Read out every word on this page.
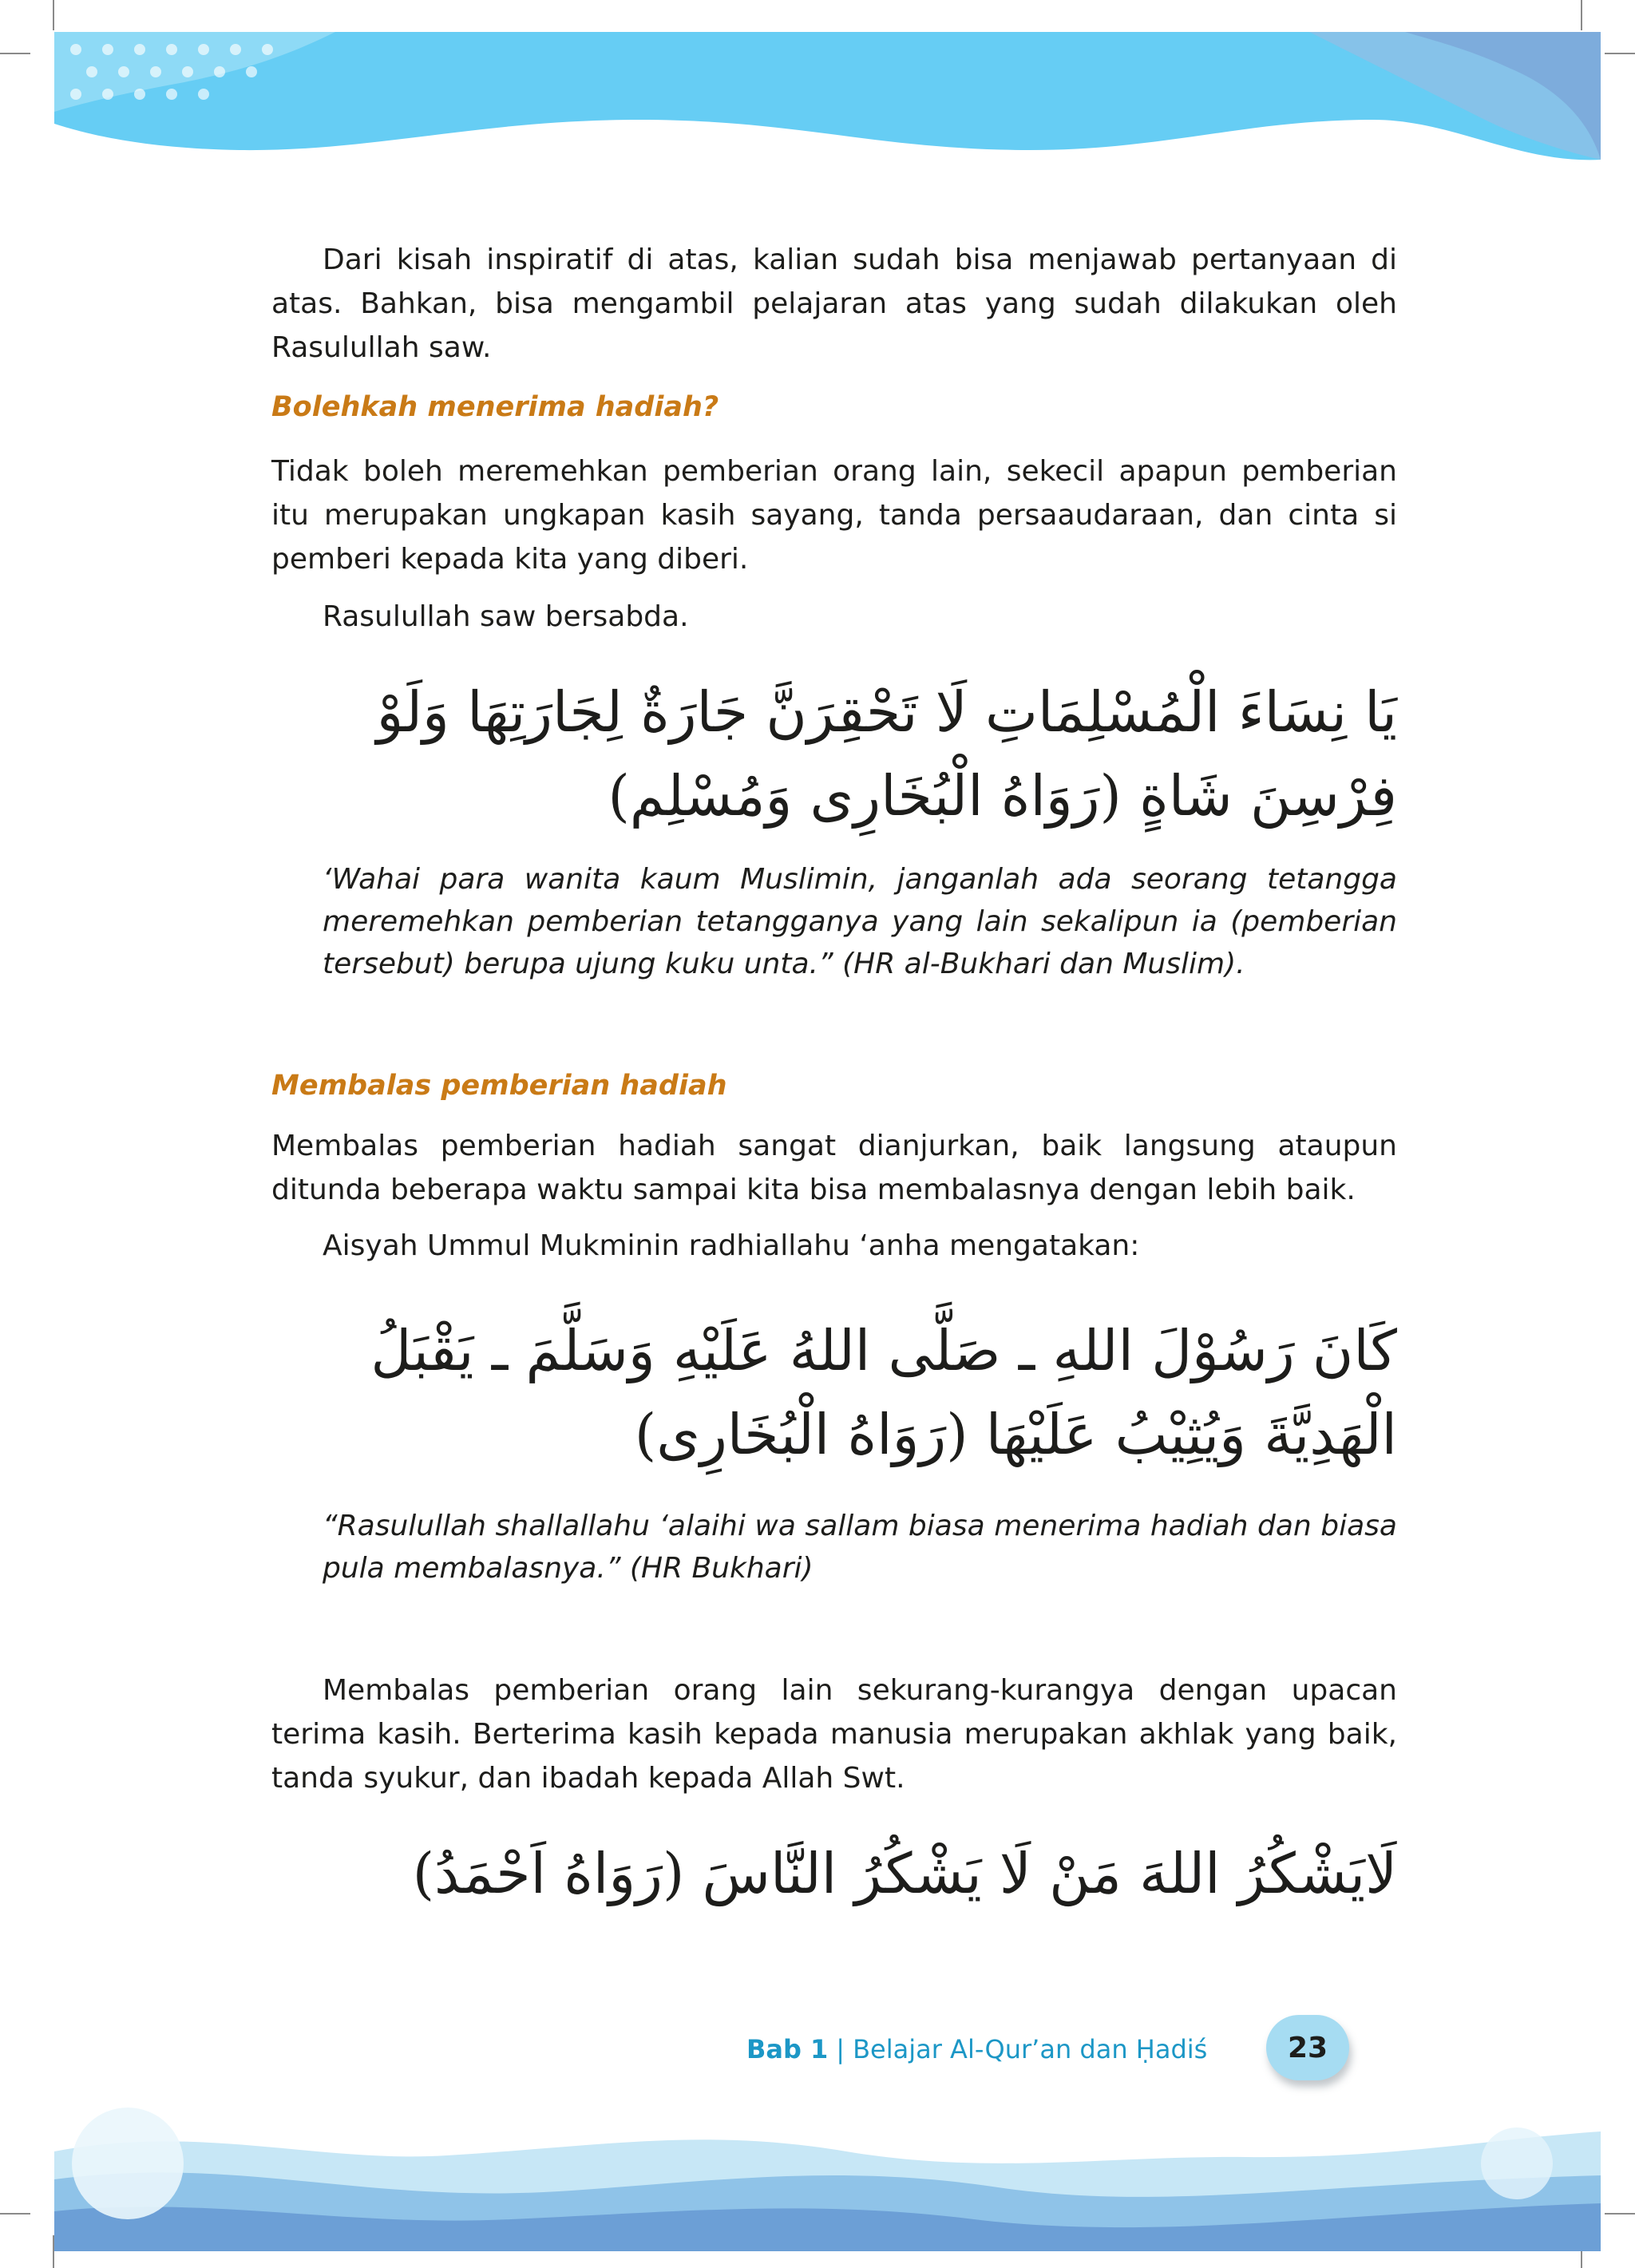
Dari kisah inspiratif di atas, kalian sudah bisa menjawab pertanyaan di atas. Bahkan, bisa mengambil pelajaran atas yang sudah dilakukan oleh Rasulullah saw.

Bolehkah menerima hadiah?

Tidak boleh meremehkan pemberian orang lain, sekecil apapun pemberian itu merupakan ungkapan kasih sayang, tanda persaaudaraan, dan cinta si pemberi kepada kita yang diberi.

Rasulullah saw bersabda.

يَا نِسَاءَ الْمُسْلِمَاتِ لَا تَحْقِرَنَّ جَارَةٌ لِجَارَتِهَا وَلَوْ فِرْسِنَ شَاةٍ (رَوَاهُ الْبُخَارِى وَمُسْلِم)

‘Wahai para wanita kaum Muslimin, janganlah ada seorang tetangga meremehkan pemberian tetangganya yang lain sekalipun ia (pemberian tersebut) berupa ujung kuku unta.” (HR al-Bukhari dan Muslim).

Membalas pemberian hadiah

Membalas pemberian hadiah sangat dianjurkan, baik langsung ataupun ditunda beberapa waktu sampai kita bisa membalasnya dengan lebih baik.

Aisyah Ummul Mukminin radhiallahu ‘anha mengatakan:

كَانَ رَسُوْلَ اللهِ ـ صَلَّى اللهُ عَلَيْهِ وَسَلَّمَ ـ يَقْبَلُ الْهَدِيَّةَ وَيُثِيْبُ عَلَيْهَا (رَوَاهُ الْبُخَارِى)

“Rasulullah shallallahu ‘alaihi wa sallam biasa menerima hadiah dan biasa pula membalasnya.” (HR Bukhari)

Membalas pemberian orang lain sekurang-kurangya dengan upacan terima kasih. Berterima kasih kepada manusia merupakan akhlak yang baik, tanda syukur, dan ibadah kepada Allah Swt.

لَايَشْكُرُ اللهَ مَنْ لَا يَشْكُرُ النَّاسَ (رَوَاهُ اَحْمَدُ)

Bab 1 | Belajar Al-Qur’an dan Ḥadiś	23
